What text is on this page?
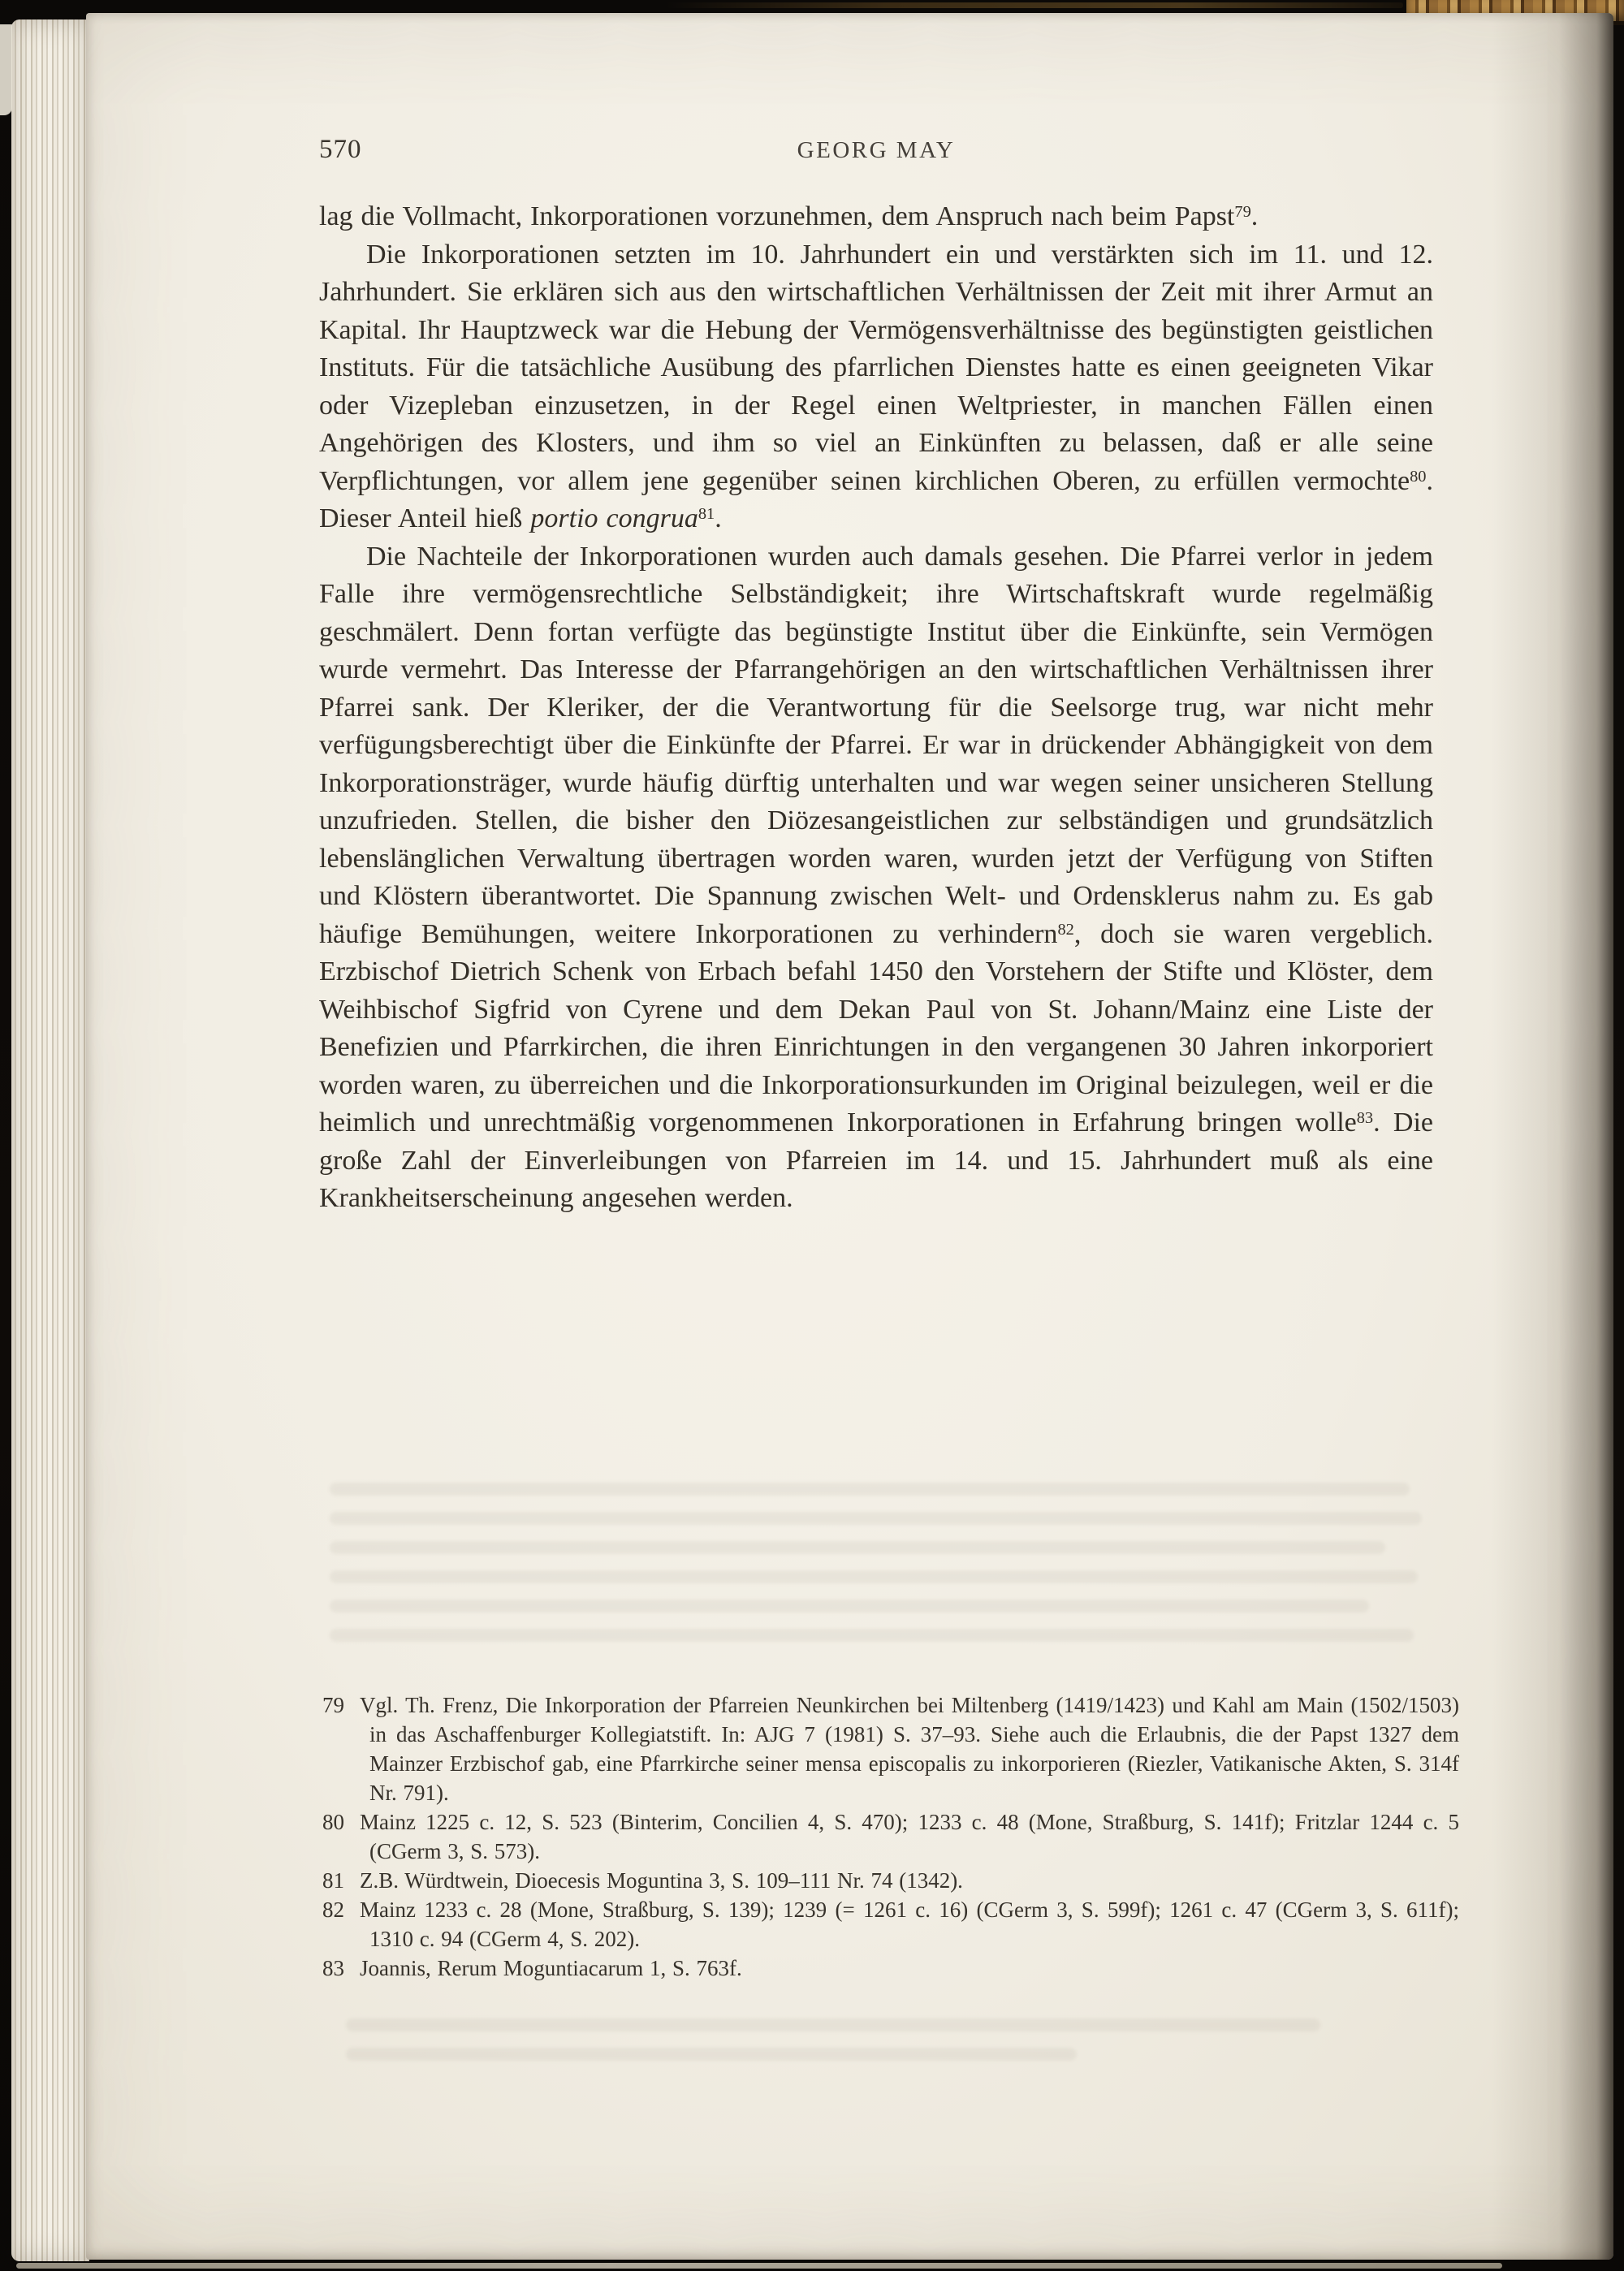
570	GEORG MAY

lag die Vollmacht, Inkorporationen vorzunehmen, dem Anspruch nach beim Papst$^{79}$.

Die Inkorporationen setzten im 10. Jahrhundert ein und verstärkten sich im 11. und 12. Jahrhundert. Sie erklären sich aus den wirtschaftlichen Verhältnissen der Zeit mit ihrer Armut an Kapital. Ihr Hauptzweck war die Hebung der Vermögensverhältnisse des begünstigten geistlichen Instituts. Für die tatsächliche Ausübung des pfarrlichen Dienstes hatte es einen geeigneten Vikar oder Vizepleban einzusetzen, in der Regel einen Weltpriester, in manchen Fällen einen Angehörigen des Klosters, und ihm so viel an Einkünften zu belassen, daß er alle seine Verpflichtungen, vor allem jene gegenüber seinen kirchlichen Oberen, zu erfüllen vermochte$^{80}$. Dieser Anteil hieß portio congrua$^{81}$.

Die Nachteile der Inkorporationen wurden auch damals gesehen. Die Pfarrei verlor in jedem Falle ihre vermögensrechtliche Selbständigkeit; ihre Wirtschaftskraft wurde regelmäßig geschmälert. Denn fortan verfügte das begünstigte Institut über die Einkünfte, sein Vermögen wurde vermehrt. Das Interesse der Pfarrangehörigen an den wirtschaftlichen Verhältnissen ihrer Pfarrei sank. Der Kleriker, der die Verantwortung für die Seelsorge trug, war nicht mehr verfügungsberechtigt über die Einkünfte der Pfarrei. Er war in drückender Abhängigkeit von dem Inkorporationsträger, wurde häufig dürftig unterhalten und war wegen seiner unsicheren Stellung unzufrieden. Stellen, die bisher den Diözesangeistlichen zur selbständigen und grundsätzlich lebenslänglichen Verwaltung übertragen worden waren, wurden jetzt der Verfügung von Stiften und Klöstern überantwortet. Die Spannung zwischen Welt- und Ordensklerus nahm zu. Es gab häufige Bemühungen, weitere Inkorporationen zu verhindern$^{82}$, doch sie waren vergeblich. Erzbischof Dietrich Schenk von Erbach befahl 1450 den Vorstehern der Stifte und Klöster, dem Weihbischof Sigfrid von Cyrene und dem Dekan Paul von St. Johann/Mainz eine Liste der Benefizien und Pfarrkirchen, die ihren Einrichtungen in den vergangenen 30 Jahren inkorporiert worden waren, zu überreichen und die Inkorporationsurkunden im Original beizulegen, weil er die heimlich und unrechtmäßig vorgenommenen Inkorporationen in Erfahrung bringen wolle$^{83}$. Die große Zahl der Einverleibungen von Pfarreien im 14. und 15. Jahrhundert muß als eine Krankheitserscheinung angesehen werden.

79 Vgl. Th. Frenz, Die Inkorporation der Pfarreien Neunkirchen bei Miltenberg (1419/1423) und Kahl am Main (1502/1503) in das Aschaffenburger Kollegiatstift. In: AJG 7 (1981) S. 37–93. Siehe auch die Erlaubnis, die der Papst 1327 dem Mainzer Erzbischof gab, eine Pfarrkirche seiner mensa episcopalis zu inkorporieren (Riezler, Vatikanische Akten, S. 314f Nr. 791).

80 Mainz 1225 c. 12, S. 523 (Binterim, Concilien 4, S. 470); 1233 c. 48 (Mone, Straßburg, S. 141f); Fritzlar 1244 c. 5 (CGerm 3, S. 573).

81 Z.B. Würdtwein, Dioecesis Moguntina 3, S. 109–111 Nr. 74 (1342).

82 Mainz 1233 c. 28 (Mone, Straßburg, S. 139); 1239 (= 1261 c. 16) (CGerm 3, S. 599f); 1261 c. 47 (CGerm 3, S. 611f); 1310 c. 94 (CGerm 4, S. 202).

83 Joannis, Rerum Moguntiacarum 1, S. 763f.
